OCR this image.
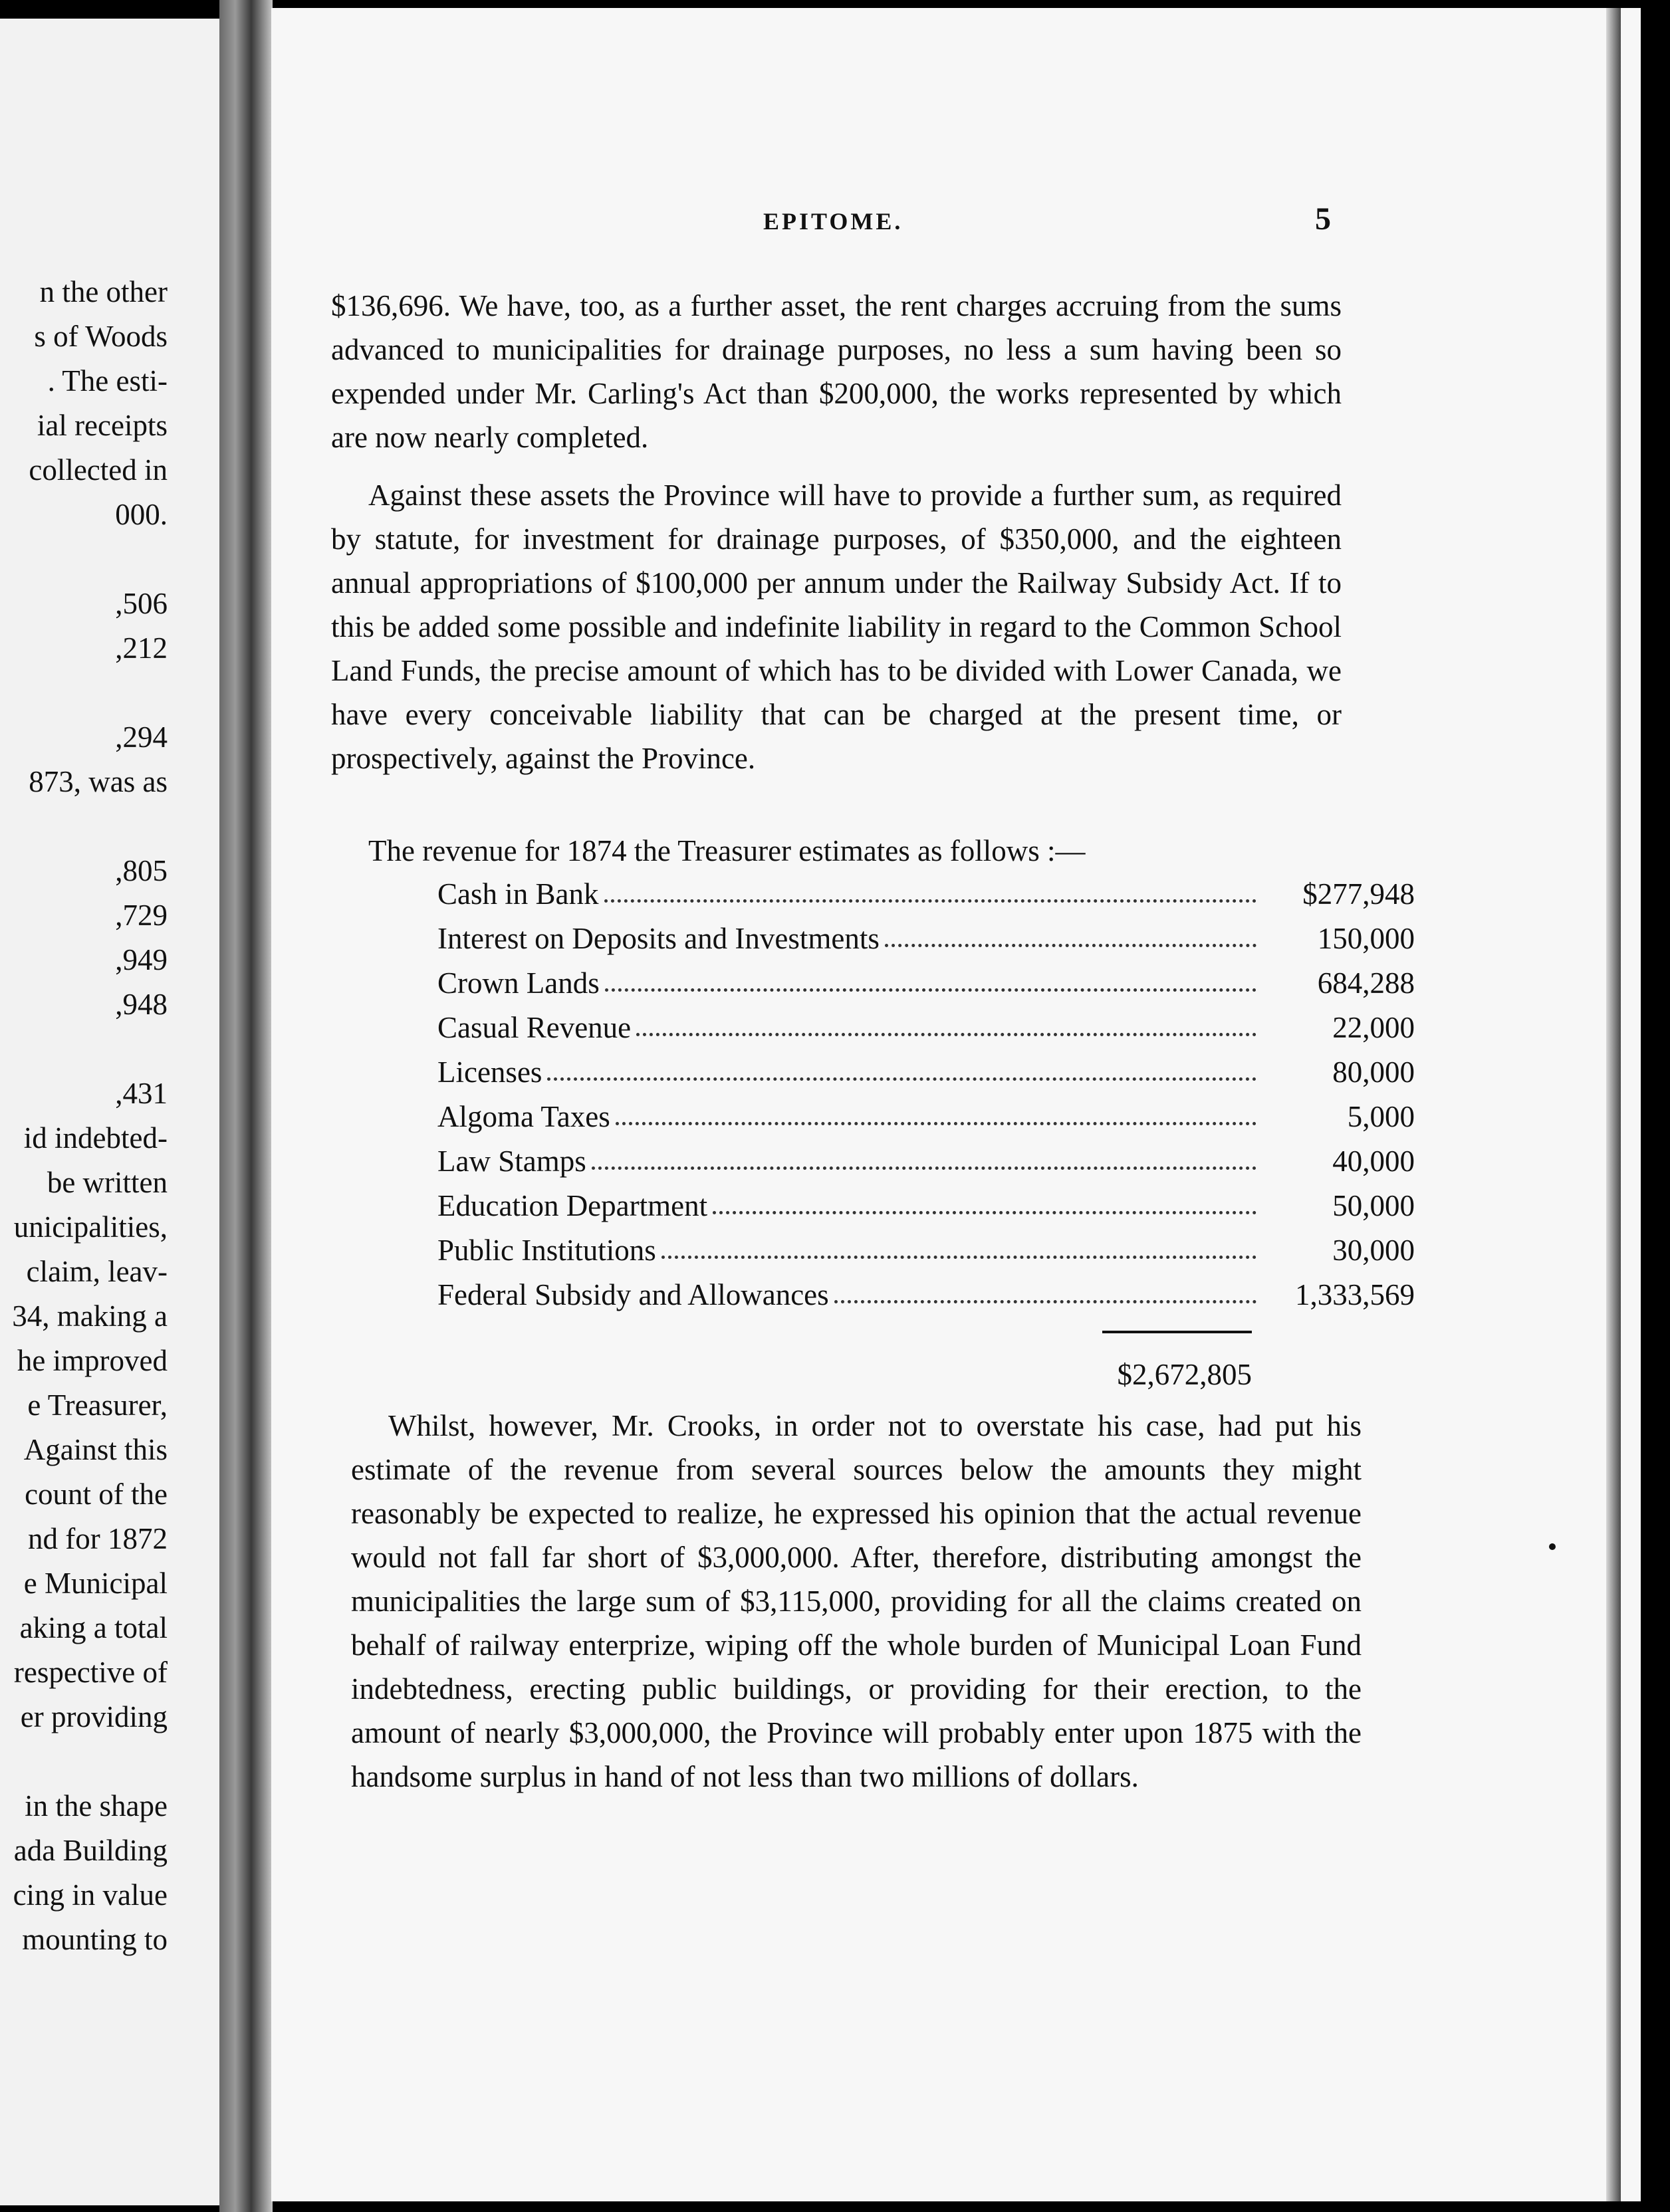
n the other
s of Woods
. The esti-
ial receipts
collected in
000.
,506
,212
,294
873, was as
,805
,729
,949
,948
,431
id indebted-
be written
unicipalities,
claim, leav-
34, making a
he improved
e Treasurer,
Against this
count of the
nd for 1872
e Municipal
aking a total
respective of
er providing
in the shape
ada Building
cing in value
mounting to
EPITOME.	5

$136,696. We have, too, as a further asset, the rent charges accruing from the sums advanced to municipalities for drainage purposes, no less a sum having been so expended under Mr. Carling's Act than $200,000, the works represented by which are now nearly completed.

Against these assets the Province will have to provide a further sum, as required by statute, for investment for drainage purposes, of $350,000, and the eighteen annual appropriations of $100,000 per annum under the Railway Subsidy Act. If to this be added some possible and indefinite liability in regard to the Common School Land Funds, the precise amount of which has to be divided with Lower Canada, we have every conceivable liability that can be charged at the present time, or prospectively, against the Province.

The revenue for 1874 the Treasurer estimates as follows :—
Cash in Bank	$277,948
Interest on Deposits and Investments	150,000
Crown Lands	684,288
Casual Revenue	22,000
Licenses	80,000
Algoma Taxes	5,000
Law Stamps	40,000
Education Department	50,000
Public Institutions	30,000
Federal Subsidy and Allowances	1,333,569
$2,672,805

Whilst, however, Mr. Crooks, in order not to overstate his case, had put his estimate of the revenue from several sources below the amounts they might reasonably be expected to realize, he expressed his opinion that the actual revenue would not fall far short of $3,000,000. After, therefore, distributing amongst the municipalities the large sum of $3,115,000, providing for all the claims created on behalf of railway enterprize, wiping off the whole burden of Municipal Loan Fund indebtedness, erecting public buildings, or providing for their erection, to the amount of nearly $3,000,000, the Province will probably enter upon 1875 with the handsome surplus in hand of not less than two millions of dollars.
